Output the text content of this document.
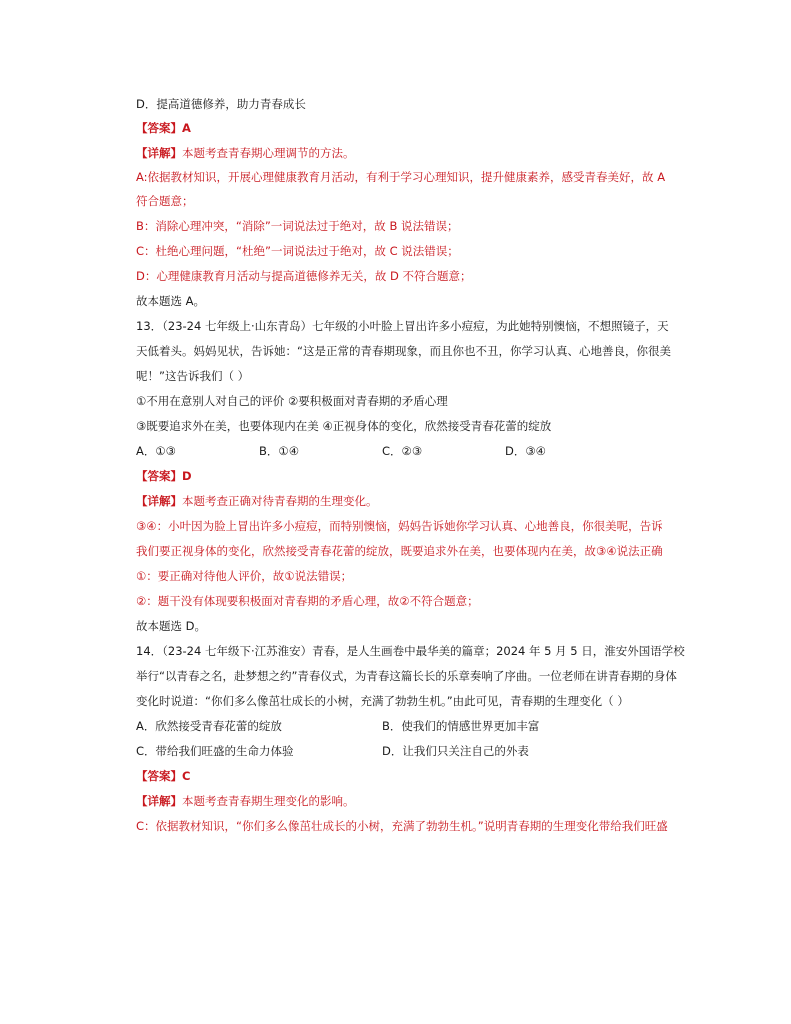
D．提高道德修养，助力青春成长
【答案】A
【详解】本题考查青春期心理调节的方法。
A:依据教材知识，开展心理健康教育月活动，有利于学习心理知识，提升健康素养，感受青春美好，故 A
符合题意；
B：消除心理冲突，“消除”一词说法过于绝对，故 B 说法错误；
C：杜绝心理问题，“杜绝”一词说法过于绝对，故 C 说法错误；
D：心理健康教育月活动与提高道德修养无关，故 D 不符合题意；
故本题选 A。
13．（23-24 七年级上·山东青岛）七年级的小叶脸上冒出许多小痘痘，为此她特别懊恼，不想照镜子，天
天低着头。妈妈见状，告诉她：“这是正常的青春期现象，而且你也不丑，你学习认真、心地善良，你很美
呢！”这告诉我们（ ）
①不用在意别人对自己的评价 ②要积极面对青春期的矛盾心理
③既要追求外在美，也要体现内在美 ④正视身体的变化，欣然接受青春花蕾的绽放
A．①③	B．①④	C．②③	D．③④
【答案】D
【详解】本题考查正确对待青春期的生理变化。
③④：小叶因为脸上冒出许多小痘痘，而特别懊恼，妈妈告诉她你学习认真、心地善良，你很美呢，告诉
我们要正视身体的变化，欣然接受青春花蕾的绽放，既要追求外在美，也要体现内在美，故③④说法正确
①：要正确对待他人评价，故①说法错误；
②：题干没有体现要积极面对青春期的矛盾心理，故②不符合题意；
故本题选 D。
14．（23-24 七年级下·江苏淮安）青春，是人生画卷中最华美的篇章；2024 年 5 月 5 日，淮安外国语学校
举行“以青春之名，赴梦想之约”青春仪式，为青春这篇长长的乐章奏响了序曲。一位老师在讲青春期的身体
变化时说道：“你们多么像茁壮成长的小树，充满了勃勃生机。”由此可见，青春期的生理变化（ ）
A．欣然接受青春花蕾的绽放	B．使我们的情感世界更加丰富
C．带给我们旺盛的生命力体验	D．让我们只关注自己的外表
【答案】C
【详解】本题考查青春期生理变化的影响。
C：依据教材知识，“你们多么像茁壮成长的小树，充满了勃勃生机。”说明青春期的生理变化带给我们旺盛
